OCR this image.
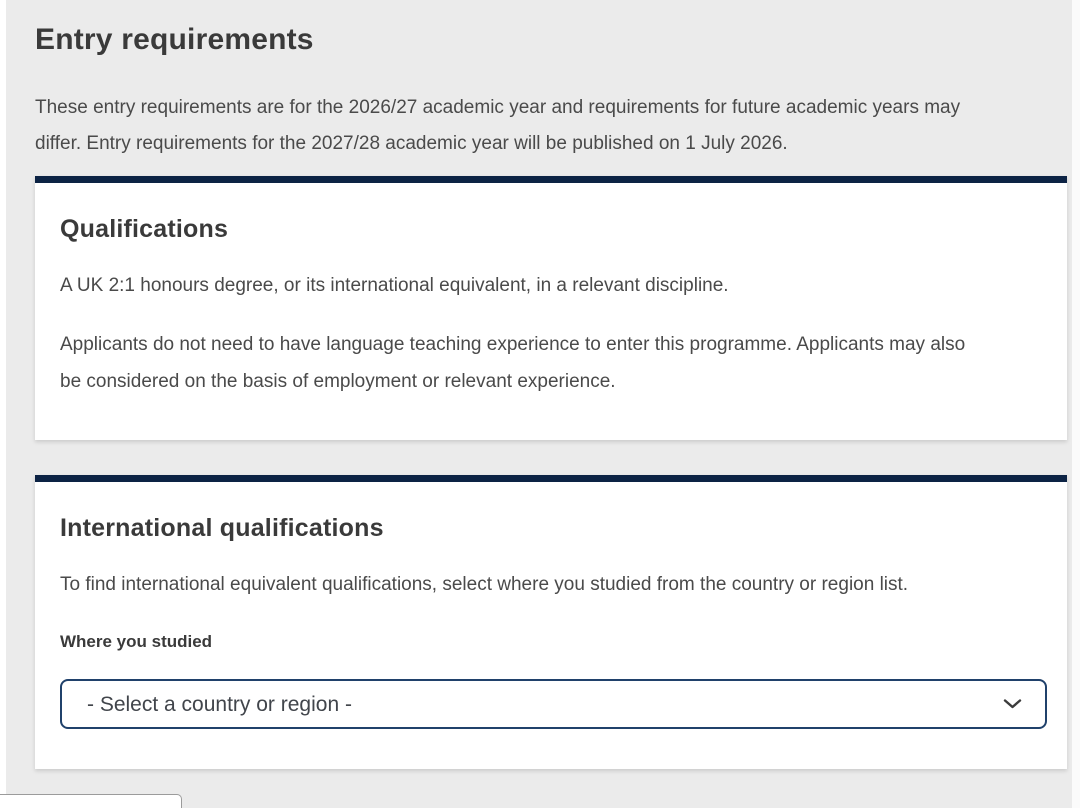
Entry requirements
These entry requirements are for the 2026/27 academic year and requirements for future academic years may
differ. Entry requirements for the 2027/28 academic year will be published on 1 July 2026.
Qualifications

A UK 2:1 honours degree, or its international equivalent, in a relevant discipline.

Applicants do not need to have language teaching experience to enter this programme. Applicants may also
be considered on the basis of employment or relevant experience.

International qualifications

To find international equivalent qualifications, select where you studied from the country or region list.

Where you studied
- Select a country or region -
